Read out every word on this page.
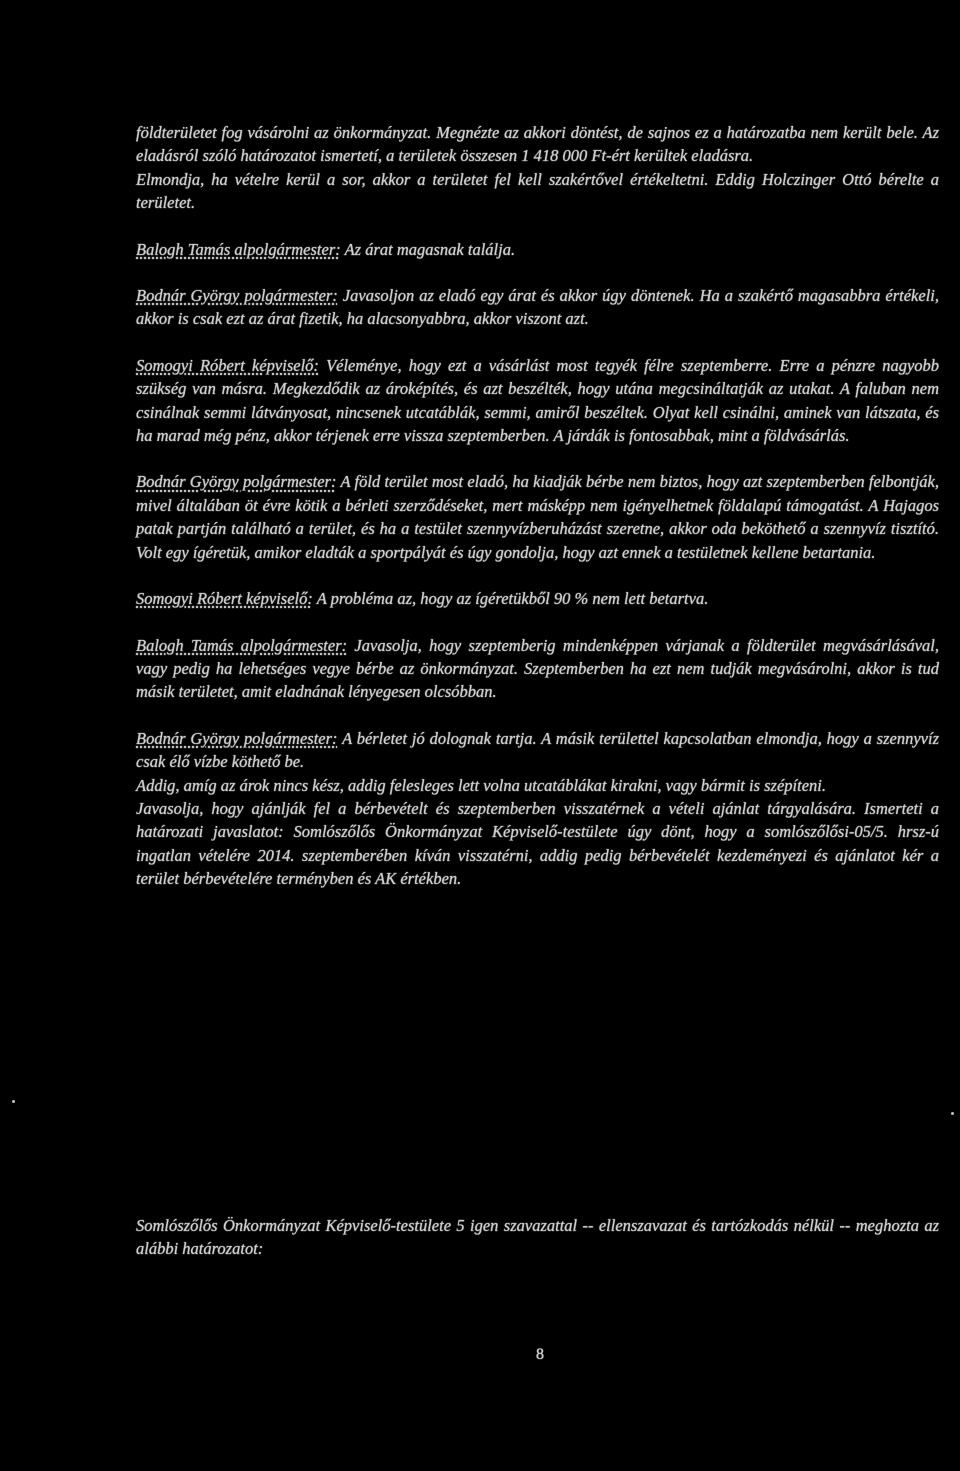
földterületet fog vásárolni az önkormányzat. Megnézte az akkori döntést, de sajnos ez a határozatba nem került bele. Az eladásról szóló határozatot ismertetí, a területek összesen 1 418 000 Ft-ért kerültek eladásra.

Elmondja, ha vételre kerül a sor, akkor a területet fel kell szakértővel értékeltetni. Eddig Holczinger Ottó bérelte a területet.

Balogh Tamás alpolgármester: Az árat magasnak találja.

Bodnár György polgármester: Javasoljon az eladó egy árat és akkor úgy döntenek. Ha a szakértő magasabbra értékeli, akkor is csak ezt az árat fizetik, ha alacsonyabbra, akkor viszont azt.

Somogyi Róbert képviselő: Véleménye, hogy ezt a vásárlást most tegyék félre szeptemberre. Erre a pénzre nagyobb szükség van másra. Megkezdődik az ároképítés, és azt beszélték, hogy utána megcsináltatják az utakat. A faluban nem csinálnak semmi látványosat, nincsenek utcatáblák, semmi, amiről beszéltek. Olyat kell csinálni, aminek van látszata, és ha marad még pénz, akkor térjenek erre vissza szeptemberben. A járdák is fontosabbak, mint a földvásárlás.

Bodnár György polgármester: A föld terület most eladó, ha kiadják bérbe nem biztos, hogy azt szeptemberben felbontják, mivel általában öt évre kötik a bérleti szerződéseket, mert másképp nem igényelhetnek földalapú támogatást. A Hajagos patak partján található a terület, és ha a testület szennyvízberuházást szeretne, akkor oda beköthető a szennyvíz tisztító. Volt egy ígéretük, amikor eladták a sportpályát és úgy gondolja, hogy azt ennek a testületnek kellene betartania.

Somogyi Róbert képviselő: A probléma az, hogy az ígéretükből 90 % nem lett betartva.

Balogh Tamás alpolgármester: Javasolja, hogy szeptemberig mindenképpen várjanak a földterület megvásárlásával, vagy pedig ha lehetséges vegye bérbe az önkormányzat. Szeptemberben ha ezt nem tudják megvásárolni, akkor is tud másik területet, amit eladnának lényegesen olcsóbban.

Bodnár György polgármester: A bérletet jó dolognak tartja. A másik területtel kapcsolatban elmondja, hogy a szennyvíz csak élő vízbe köthető be.

Addig, amíg az árok nincs kész, addig felesleges lett volna utcatáblákat kirakni, vagy bármit is szépíteni.

Javasolja, hogy ajánlják fel a bérbevételt és szeptemberben visszatérnek a vételi ajánlat tárgyalására. Ismerteti a határozati javaslatot: Somlószőlős Önkormányzat Képviselő-testülete úgy dönt, hogy a somlószőlősi-05/5. hrsz-ú ingatlan vételére 2014. szeptemberében kíván visszatérni, addig pedig bérbevételét kezdeményezi és ajánlatot kér a terület bérbevételére terményben és AK értékben.

Somlószőlős Önkormányzat Képviselő-testülete 5 igen szavazattal -- ellenszavazat és tartózkodás nélkül -- meghozta az alábbi határozatot:

8
